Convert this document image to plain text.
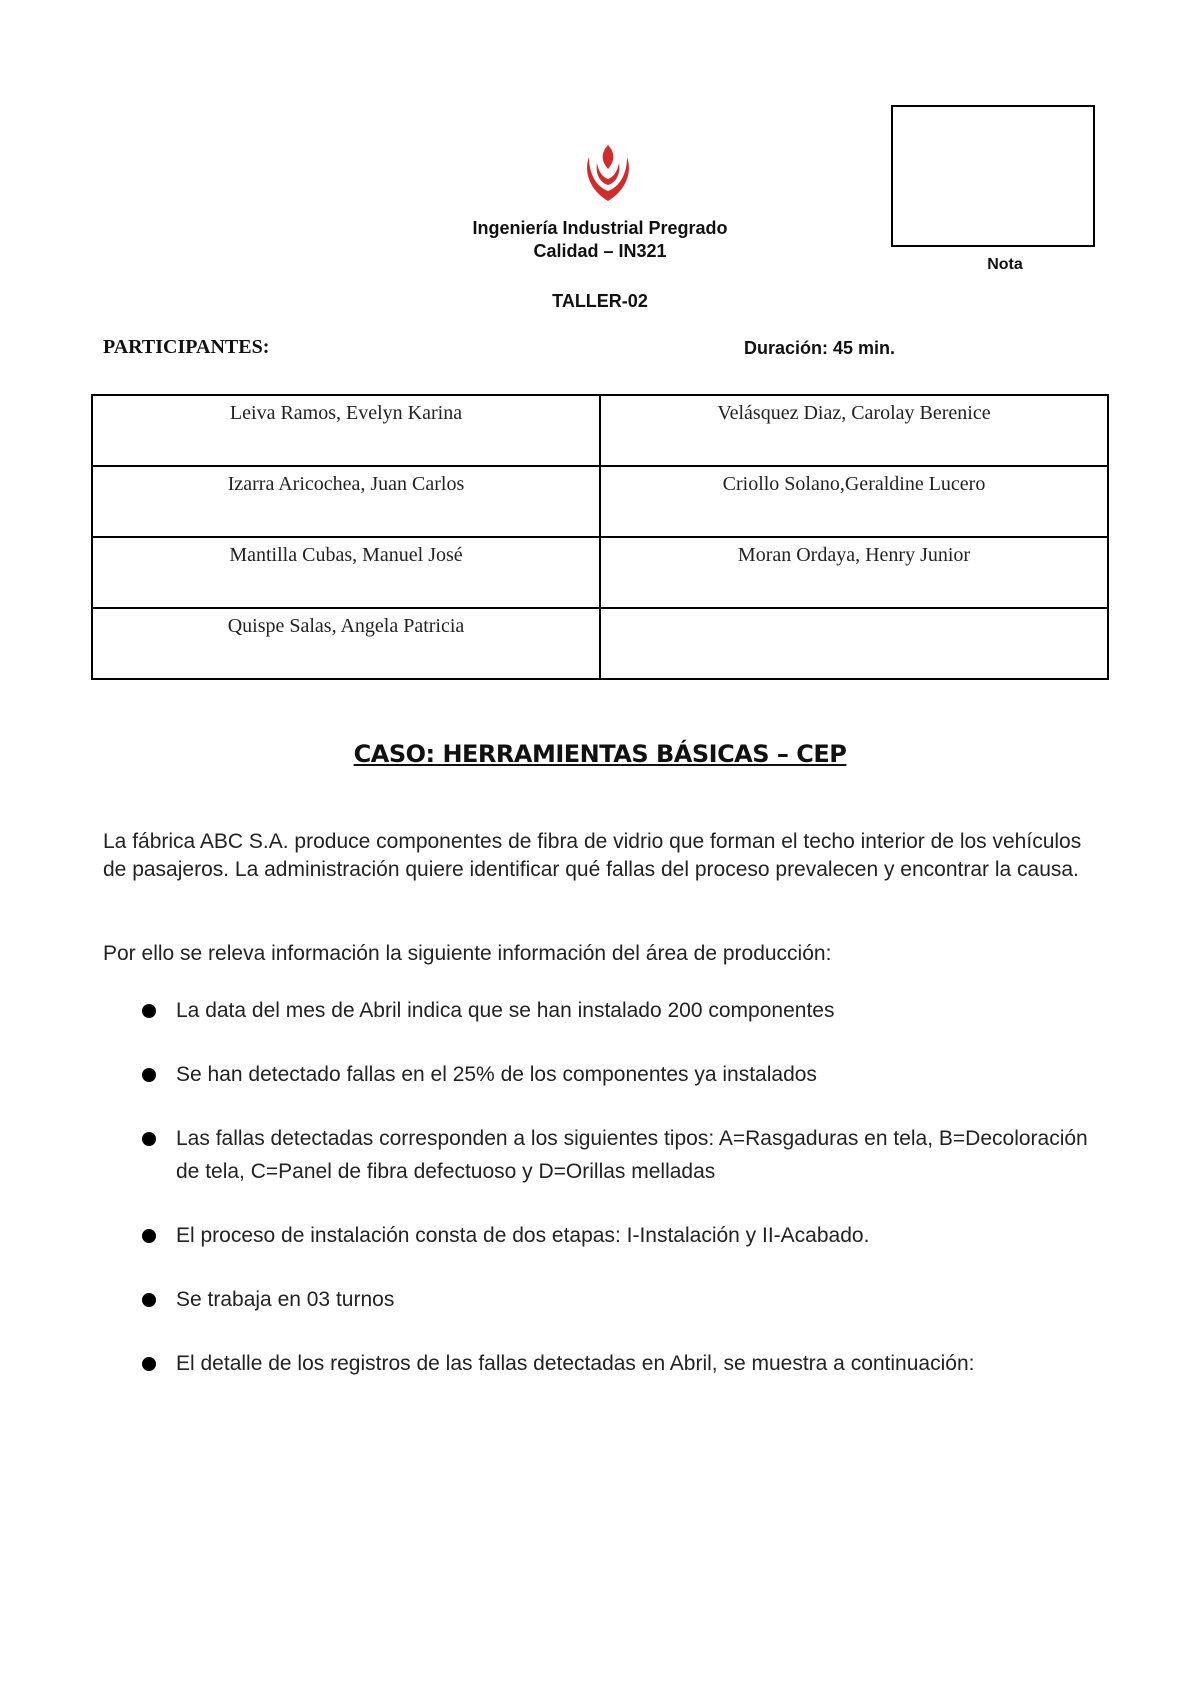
Ingeniería Industrial Pregrado
Calidad – IN321
TALLER-02
Nota
PARTICIPANTES:	Duración: 45 min.
Leiva Ramos, Evelyn Karina	Velásquez Diaz, Carolay Berenice
Izarra Aricochea, Juan Carlos	Criollo Solano,Geraldine Lucero
Mantilla Cubas, Manuel José	Moran Ordaya, Henry Junior
Quispe Salas, Angela Patricia	
CASO: HERRAMIENTAS BÁSICAS – CEP
La fábrica ABC S.A. produce componentes de fibra de vidrio que forman el techo interior de los vehículos de pasajeros. La administración quiere identificar qué fallas del proceso prevalecen y encontrar la causa.
Por ello se releva información la siguiente información del área de producción:
La data del mes de Abril indica que se han instalado 200 componentes
Se han detectado fallas en el 25% de los componentes ya instalados
Las fallas detectadas corresponden a los siguientes tipos: A=Rasgaduras en tela, B=Decoloración de tela, C=Panel de fibra defectuoso y D=Orillas melladas
El proceso de instalación consta de dos etapas: I-Instalación y II-Acabado.
Se trabaja en 03 turnos
El detalle de los registros de las fallas detectadas en Abril, se muestra a continuación:
